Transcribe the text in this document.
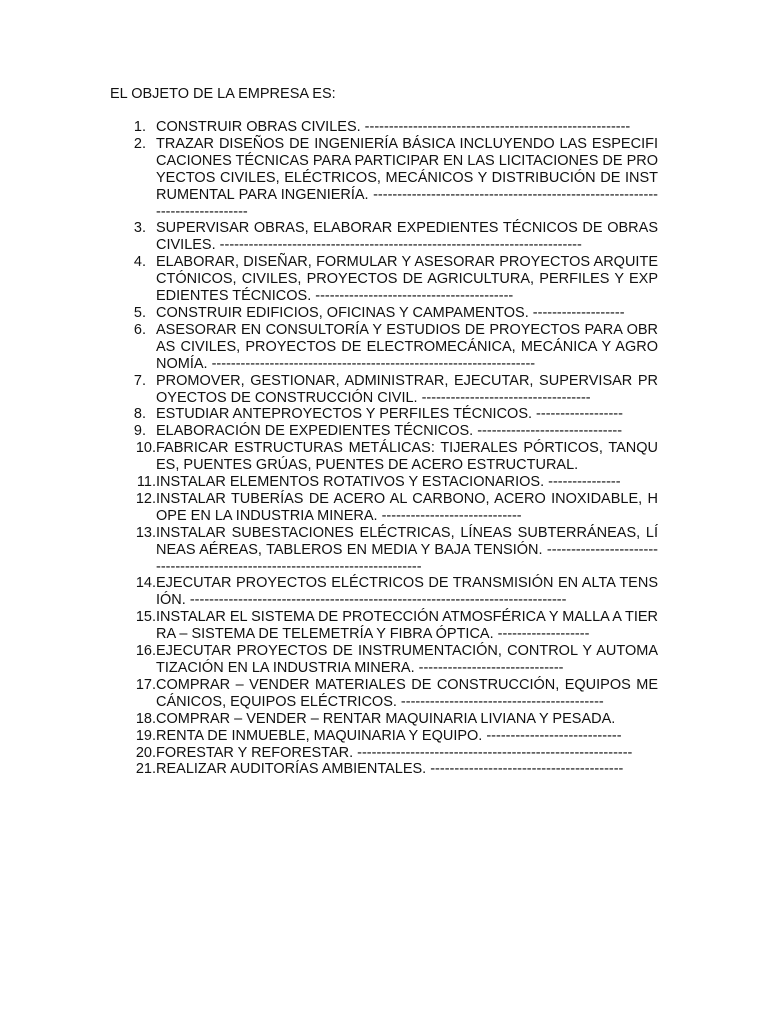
EL OBJETO DE LA EMPRESA ES:
1. CONSTRUIR OBRAS CIVILES. -------------------------------------------------------
2. TRAZAR DISEÑOS DE INGENIERÍA BÁSICA INCLUYENDO LAS ESPECIFICACIONES TÉCNICAS PARA PARTICIPAR EN LAS LICITACIONES DE PROYECTOS CIVILES, ELÉCTRICOS, MECÁNICOS Y DISTRIBUCIÓN DE INSTRUMENTAL PARA INGENIERÍA. ------------------------------------------------------------------------------
3. SUPERVISAR OBRAS, ELABORAR EXPEDIENTES TÉCNICOS DE OBRAS CIVILES. ---------------------------------------------------------------------------
4. ELABORAR, DISEÑAR, FORMULAR Y ASESORAR PROYECTOS ARQUITECTÓNICOS, CIVILES, PROYECTOS DE AGRICULTURA, PERFILES Y EXPEDIENTES TÉCNICOS. -----------------------------------------
5. CONSTRUIR EDIFICIOS, OFICINAS Y CAMPAMENTOS. -------------------
6. ASESORAR EN CONSULTORÍA Y ESTUDIOS DE PROYECTOS PARA OBRAS CIVILES, PROYECTOS DE ELECTROMECÁNICA, MECÁNICA Y AGRONOMÍA. -------------------------------------------------------------------
7. PROMOVER, GESTIONAR, ADMINISTRAR, EJECUTAR, SUPERVISAR PROYECTOS DE CONSTRUCCIÓN CIVIL. -----------------------------------
8. ESTUDIAR ANTEPROYECTOS Y PERFILES TÉCNICOS. ------------------
9. ELABORACIÓN DE EXPEDIENTES TÉCNICOS. ------------------------------
10. FABRICAR ESTRUCTURAS METÁLICAS: TIJERALES PÓRTICOS, TANQUES, PUENTES GRÚAS, PUENTES DE ACERO ESTRUCTURAL.
11. INSTALAR ELEMENTOS ROTATIVOS Y ESTACIONARIOS. ---------------
12. INSTALAR TUBERÍAS DE ACERO AL CARBONO, ACERO INOXIDABLE, HOPE EN LA INDUSTRIA MINERA. -----------------------------
13. INSTALAR SUBESTACIONES ELÉCTRICAS, LÍNEAS SUBTERRÁNEAS, LÍNEAS AÉREAS, TABLEROS EN MEDIA Y BAJA TENSIÓN. ------------------------------------------------------------------------------
14. EJECUTAR PROYECTOS ELÉCTRICOS DE TRANSMISIÓN EN ALTA TENSIÓN. ------------------------------------------------------------------------------
15. INSTALAR EL SISTEMA DE PROTECCIÓN ATMOSFÉRICA Y MALLA A TIERRA – SISTEMA DE TELEMETRÍA Y FIBRA ÓPTICA. -------------------
16. EJECUTAR PROYECTOS DE INSTRUMENTACIÓN, CONTROL Y AUTOMATIZACIÓN EN LA INDUSTRIA MINERA. ------------------------------
17. COMPRAR – VENDER MATERIALES DE CONSTRUCCIÓN, EQUIPOS MECÁNICOS, EQUIPOS ELÉCTRICOS. ------------------------------------------
18. COMPRAR – VENDER – RENTAR MAQUINARIA LIVIANA Y PESADA.
19. RENTA DE INMUEBLE, MAQUINARIA Y EQUIPO. ----------------------------
20. FORESTAR Y REFORESTAR. ---------------------------------------------------------
21. REALIZAR AUDITORÍAS AMBIENTALES. ----------------------------------------
